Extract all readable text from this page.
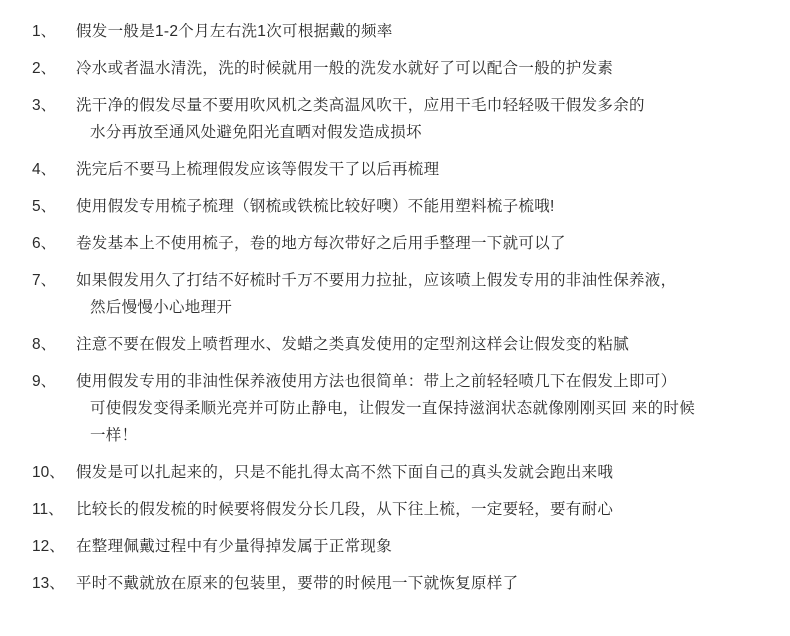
1、	假发一般是1-2个月左右洗1次可根据戴的频率
2、	冷水或者温水清洗，洗的时候就用一般的洗发水就好了可以配合一般的护发素
3、	洗干净的假发尽量不要用吹风机之类高温风吹干，应用干毛巾轻轻吸干假发多余的
水分再放至通风处避免阳光直晒对假发造成损坏
4、	洗完后不要马上梳理假发应该等假发干了以后再梳理
5、	使用假发专用梳子梳理（钢梳或铁梳比较好噢）不能用塑料梳子梳哦!
6、	卷发基本上不使用梳子，卷的地方每次带好之后用手整理一下就可以了
7、	如果假发用久了打结不好梳时千万不要用力拉扯，应该喷上假发专用的非油性保养液，
然后慢慢小心地理开
8、	注意不要在假发上喷哲理水、发蜡之类真发使用的定型剂这样会让假发变的粘腻
9、	使用假发专用的非油性保养液使用方法也很简单：带上之前轻轻喷几下在假发上即可）
可使假发变得柔顺光亮并可防止静电，让假发一直保持滋润状态就像刚刚买回 来的时候
一样！
10、 假发是可以扎起来的，只是不能扎得太高不然下面自己的真头发就会跑出来哦
11、 比较长的假发梳的时候要将假发分长几段，从下往上梳，一定要轻，要有耐心
12、 在整理佩戴过程中有少量得掉发属于正常现象
13、 平时不戴就放在原来的包装里，要带的时候甩一下就恢复原样了
